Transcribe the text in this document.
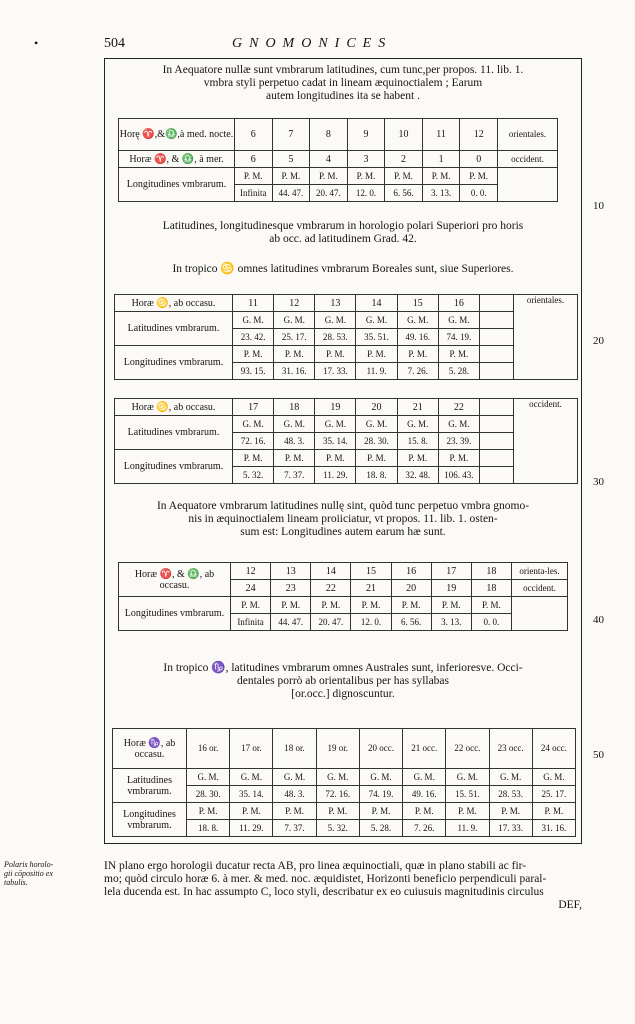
•	504	GNOMONICES
In Aequatore nullæ sunt vmbrarum latitudines, cum tunc,per propos. 11. lib. 1.
vmbra styli perpetuo cadat in lineam æquinoctialem ; Earum
autem longitudines ita se habent .
Horę ♈,&♎,à med. nocte.	6	7	8	9	10	11	12	orientales.
Horæ ♈, & ♎, à mer.	6	5	4	3	2	1	0	occident.
Longitudines vmbrarum.	P. M.	P. M.	P. M.	P. M.	P. M.	P. M.	P. M.	
	Infinita	44. 47.	20. 47.	12. 0.	6. 56.	3. 13.	0. 0.	
Latitudines, longitudinesque vmbrarum in horologio polari Superiori pro horis
ab occ. ad latitudinem Grad. 42.
In tropico ♋ omnes latitudines vmbrarum Boreales sunt, siue Superiores.
Horæ ♋, ab occasu.	11	12	13	14	15	16		orientales.
Latitudines vmbrarum.	G. M.	G. M.	G. M.	G. M.	G. M.	G. M.		
	23. 42.	25. 17.	28. 53.	35. 51.	49. 16.	74. 19.		
Longitudines vmbrarum.	P. M.	P. M.	P. M.	P. M.	P. M.	P. M.		
	93. 15.	31. 16.	17. 33.	11. 9.	7. 26.	5. 28.		
Horæ ♋, ab occasu.	17	18	19	20	21	22		occident.
Latitudines vmbrarum.	G. M.	G. M.	G. M.	G. M.	G. M.	G. M.		
	72. 16.	48. 3.	35. 14.	28. 30.	15. 8.	23. 39.		
Longitudines vmbrarum.	P. M.	P. M.	P. M.	P. M.	P. M.	P. M.		
	5. 32.	7. 37.	11. 29.	18. 8.	32. 48.	106. 43.		
In Aequatore vmbrarum latitudines nullę sint, quòd tunc perpetuo vmbra gnomo-
nis in æquinoctialem lineam proiiciatur, vt propos. 11. lib. 1. osten-
sum est: Longitudines autem earum hæ sunt.
Horæ ♈, & ♎, ab occasu.	12	13	14	15	16	17	18	orienta-les.
	24	23	22	21	20	19	18	occident.
Longitudines vmbrarum.	P. M.	P. M.	P. M.	P. M.	P. M.	P. M.	P. M.	
	Infinita	44. 47.	20. 47.	12. 0.	6. 56.	3. 13.	0. 0.	
In tropico ♑, latitudines vmbrarum omnes Australes sunt, inferioresve. Occi-
dentales porrò ab orientalibus per has syllabas
[or.occ.] dignoscuntur.
Horæ ♑, ab occasu.	16 or.	17 or.	18 or.	19 or.	20 occ.	21 occ.	22 occ.	23 occ.	24 occ.
Latitudines vmbrarum.	G. M.	G. M.	G. M.	G. M.	G. M.	G. M.	G. M.	G. M.	G. M.
	28. 30.	35. 14.	48. 3.	72. 16.	74. 19.	49. 16.	15. 51.	28. 53.	25. 17.
Longitudines vmbrarum.	P. M.	P. M.	P. M.	P. M.	P. M.	P. M.	P. M.	P. M.	P. M.
	18. 8.	11. 29.	7. 37.	5. 32.	5. 28.	7. 26.	11. 9.	17. 33.	31. 16.
10
20
30
40
50
Polaris horolo-
gii cōpositio ex
tabulis.
IN plano ergo horologii ducatur recta AB, pro linea æquinoctiali, quæ in plano stabili ac fir-
mo; quòd circulo horæ 6. à mer. & med. noc. æquidistet, Horizonti beneficio perpendiculi paral-
lela ducenda est. In hac assumpto C, loco styli, describatur ex eo cuiusuis magnitudinis circulus
DEF,
